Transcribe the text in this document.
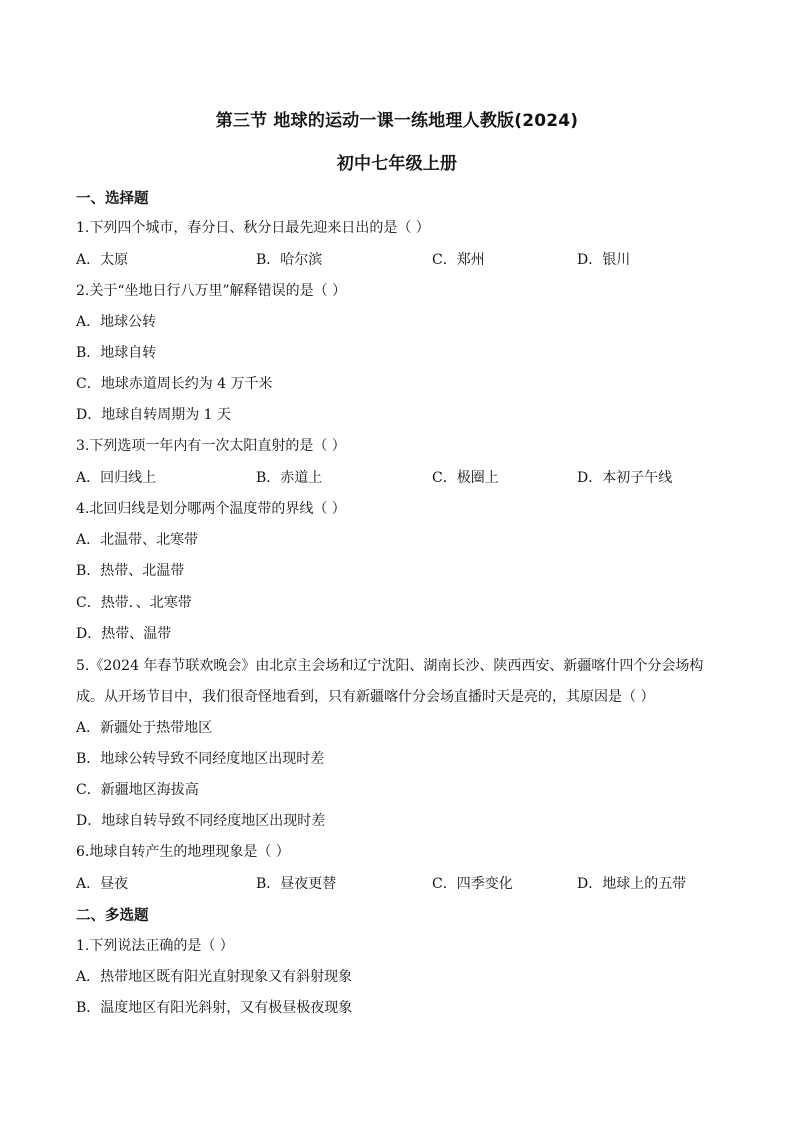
第三节 地球的运动一课一练地理人教版(2024)
初中七年级上册
一、选择题
1.下列四个城市，春分日、秋分日最先迎来日出的是（ ）
A．太原	B．哈尔滨	C．郑州	D．银川
2.关于“坐地日行八万里”解释错误的是（ ）
A．地球公转
B．地球自转
C．地球赤道周长约为 4 万千米
D．地球自转周期为 1 天
3.下列选项一年内有一次太阳直射的是（ ）
A．回归线上	B．赤道上	C．极圈上	D．本初子午线
4.北回归线是划分哪两个温度带的界线（ ）
A．北温带、北寒带
B．热带、北温带
C．热带．、北寒带
D．热带、温带
5.《2024 年春节联欢晚会》由北京主会场和辽宁沈阳、湖南长沙、陕西西安、新疆喀什四个分会场构
成。从开场节目中，我们很奇怪地看到，只有新疆喀什分会场直播时天是亮的，其原因是（ ）
A．新疆处于热带地区
B．地球公转导致不同经度地区出现时差
C．新疆地区海拔高
D．地球自转导致不同经度地区出现时差
6.地球自转产生的地理现象是（ ）
A．昼夜	B．昼夜更替	C．四季变化	D．地球上的五带
二、多选题
1.下列说法正确的是（ ）
A．热带地区既有阳光直射现象又有斜射现象
B．温度地区有阳光斜射，又有极昼极夜现象
